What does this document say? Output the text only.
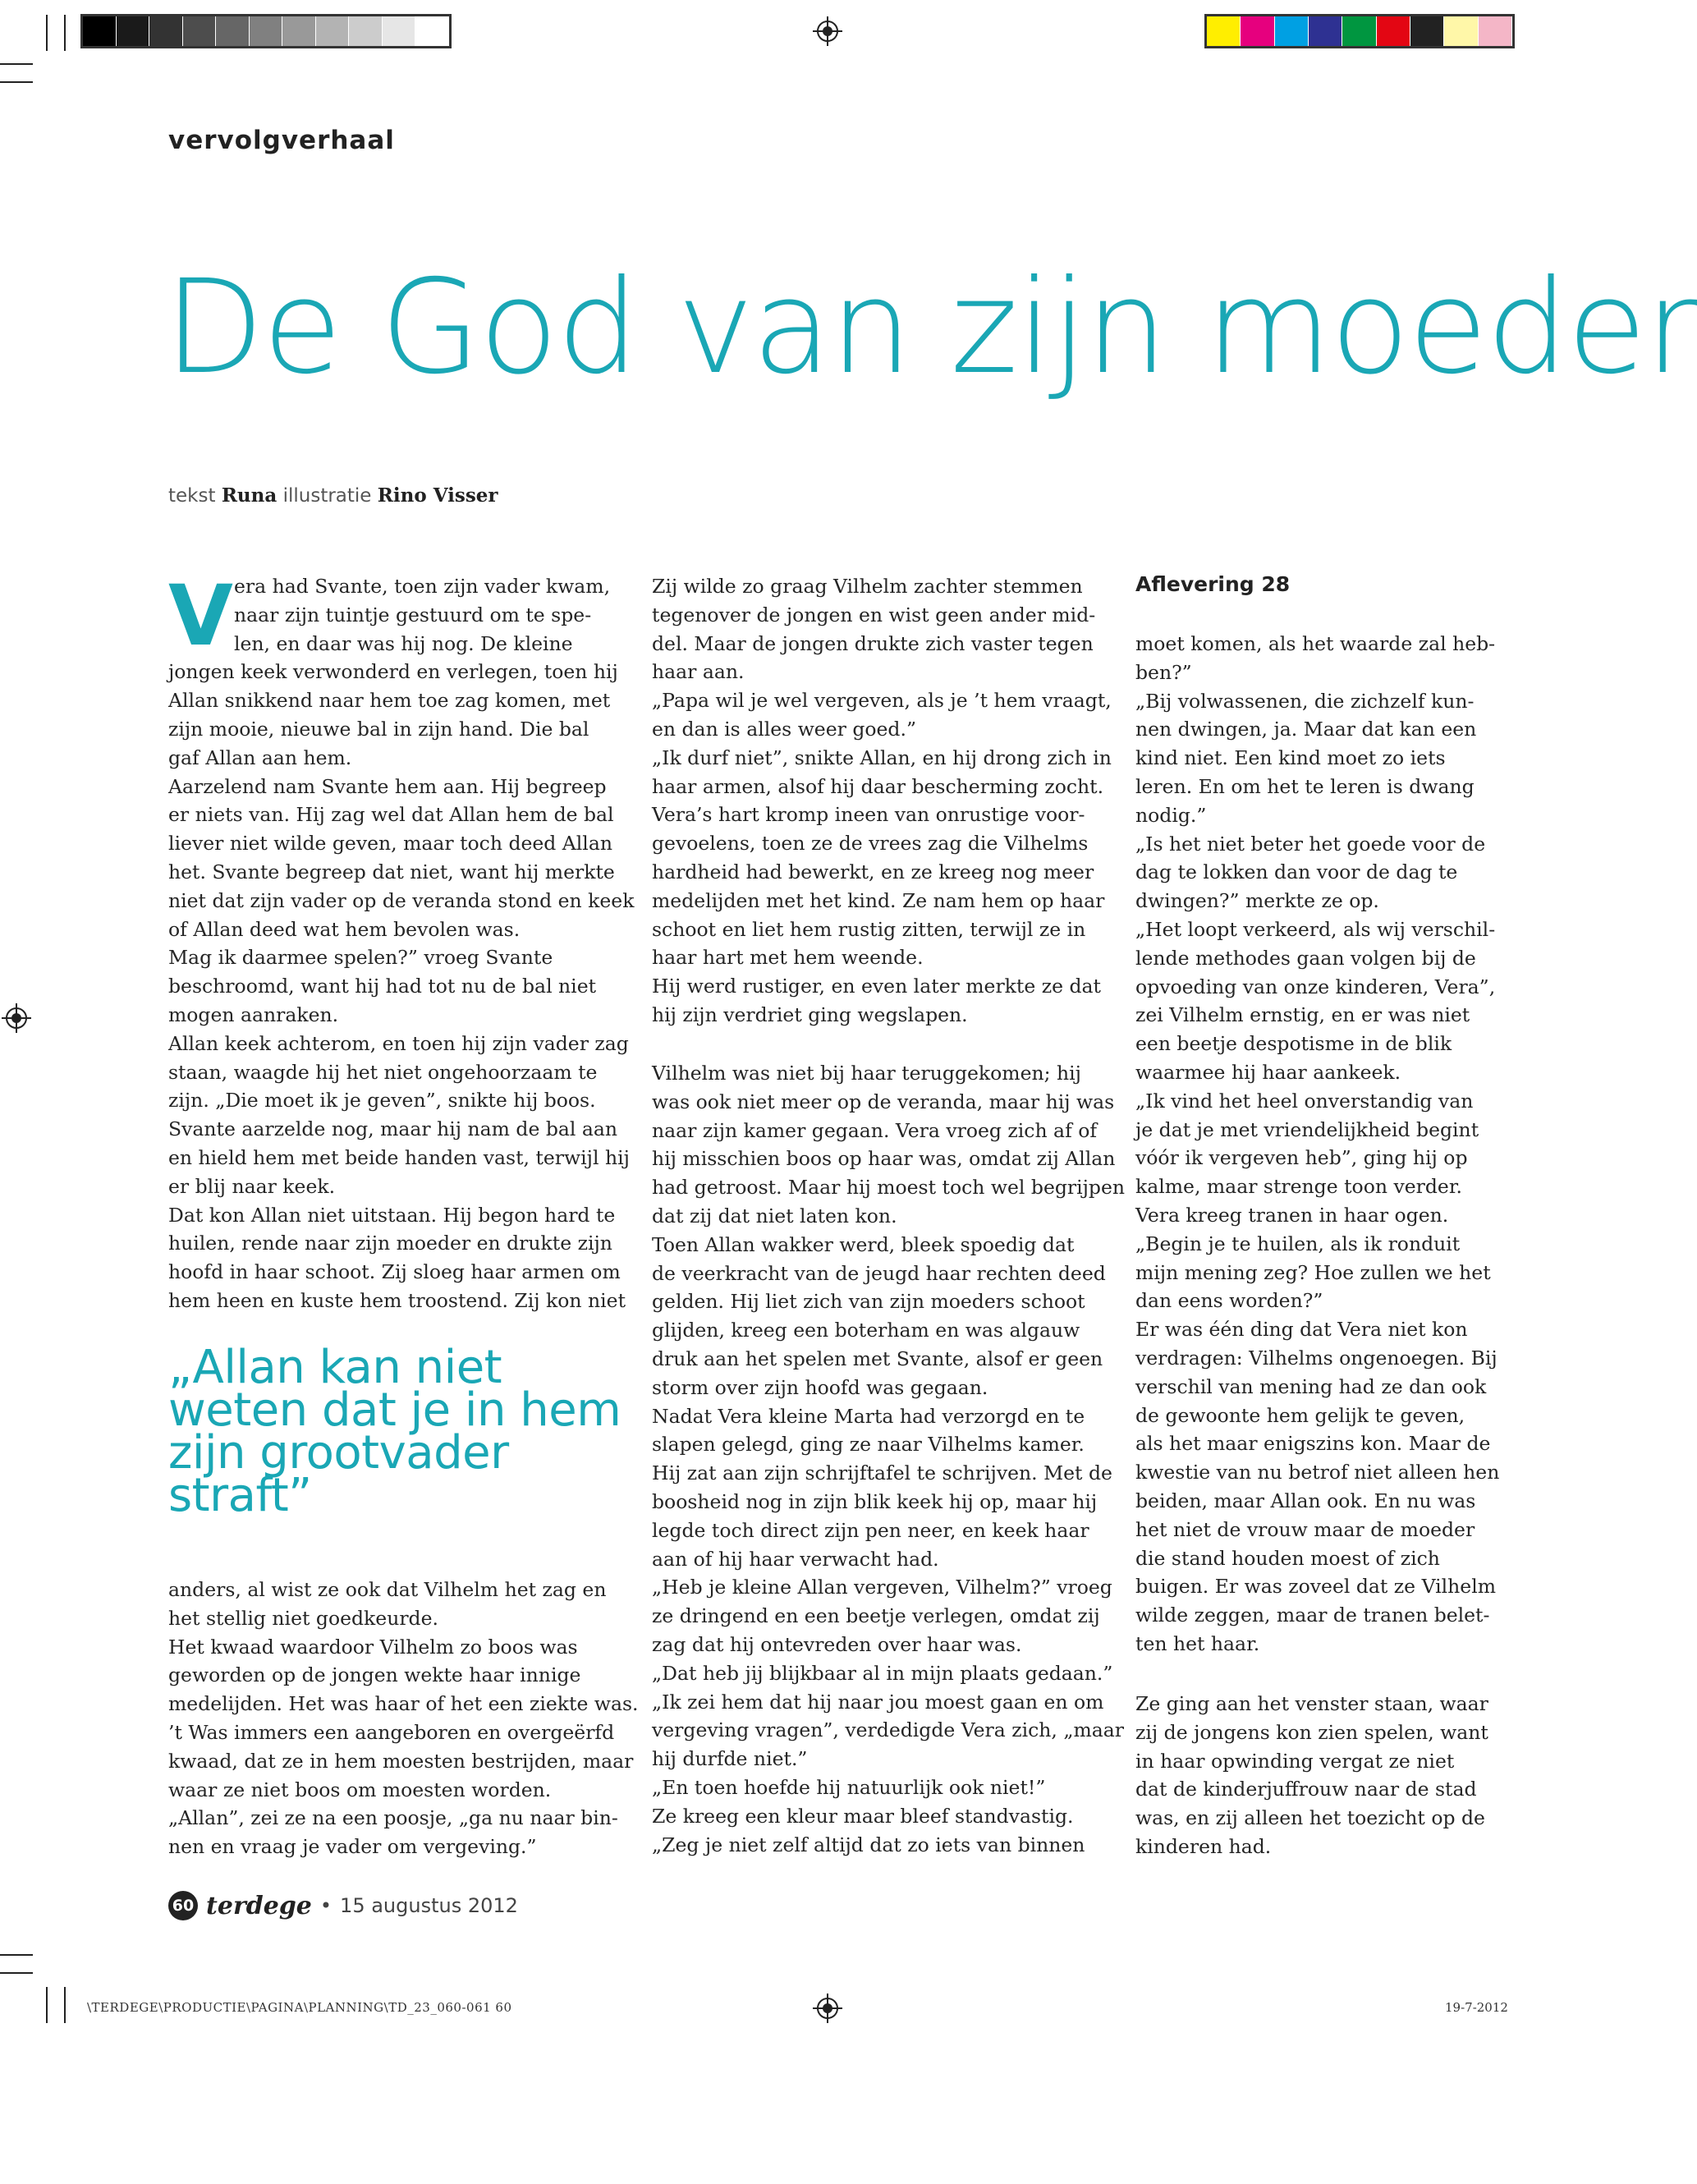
vervolgverhaal
De God van zijn moeder
tekst Runa illustratie Rino Visser
V era had Svante, toen zijn vader kwam,

naar zijn tuintje gestuurd om te spe-

len, en daar was hij nog. De kleine

jongen keek verwonderd en verlegen, toen hij

Allan snikkend naar hem toe zag komen, met

zijn mooie, nieuwe bal in zijn hand. Die bal

gaf Allan aan hem.

Aarzelend nam Svante hem aan. Hij begreep

er niets van. Hij zag wel dat Allan hem de bal

liever niet wilde geven, maar toch deed Allan

het. Svante begreep dat niet, want hij merkte

niet dat zijn vader op de veranda stond en keek

of Allan deed wat hem bevolen was.

Mag ik daarmee spelen?” vroeg Svante

beschroomd, want hij had tot nu de bal niet

mogen aanraken.

Allan keek achterom, en toen hij zijn vader zag

staan, waagde hij het niet ongehoorzaam te

zijn. „Die moet ik je geven”, snikte hij boos.

Svante aarzelde nog, maar hij nam de bal aan

en hield hem met beide handen vast, terwijl hij

er blij naar keek.

Dat kon Allan niet uitstaan. Hij begon hard te

huilen, rende naar zijn moeder en drukte zijn

hoofd in haar schoot. Zij sloeg haar armen om

hem heen en kuste hem troostend. Zij kon niet

„Allan kan niet

weten dat je in hem

zijn grootvader

straft”

anders, al wist ze ook dat Vilhelm het zag en

het stellig niet goedkeurde.

Het kwaad waardoor Vilhelm zo boos was

geworden op de jongen wekte haar innige

medelijden. Het was haar of het een ziekte was.

’t Was immers een aangeboren en overgeërfd

kwaad, dat ze in hem moesten bestrijden, maar

waar ze niet boos om moesten worden.

„Allan”, zei ze na een poosje, „ga nu naar bin-

nen en vraag je vader om vergeving.”

Zij wilde zo graag Vilhelm zachter stemmen

tegenover de jongen en wist geen ander mid-

del. Maar de jongen drukte zich vaster tegen

haar aan.

„Papa wil je wel vergeven, als je ’t hem vraagt,

en dan is alles weer goed.”

„Ik durf niet”, snikte Allan, en hij drong zich in

haar armen, alsof hij daar bescherming zocht.

Vera’s hart kromp ineen van onrustige voor-

gevoelens, toen ze de vrees zag die Vilhelms

hardheid had bewerkt, en ze kreeg nog meer

medelijden met het kind. Ze nam hem op haar

schoot en liet hem rustig zitten, terwijl ze in

haar hart met hem weende.

Hij werd rustiger, en even later merkte ze dat

hij zijn verdriet ging wegslapen.

Vilhelm was niet bij haar teruggekomen; hij

was ook niet meer op de veranda, maar hij was

naar zijn kamer gegaan. Vera vroeg zich af of

hij misschien boos op haar was, omdat zij Allan

had getroost. Maar hij moest toch wel begrijpen

dat zij dat niet laten kon.

Toen Allan wakker werd, bleek spoedig dat

de veerkracht van de jeugd haar rechten deed

gelden. Hij liet zich van zijn moeders schoot

glijden, kreeg een boterham en was algauw

druk aan het spelen met Svante, alsof er geen

storm over zijn hoofd was gegaan.

Nadat Vera kleine Marta had verzorgd en te

slapen gelegd, ging ze naar Vilhelms kamer.

Hij zat aan zijn schrijftafel te schrijven. Met de

boosheid nog in zijn blik keek hij op, maar hij

legde toch direct zijn pen neer, en keek haar

aan of hij haar verwacht had.

„Heb je kleine Allan vergeven, Vilhelm?” vroeg

ze dringend en een beetje verlegen, omdat zij

zag dat hij ontevreden over haar was.

„Dat heb jij blijkbaar al in mijn plaats gedaan.”

„Ik zei hem dat hij naar jou moest gaan en om

vergeving vragen”, verdedigde Vera zich, „maar

hij durfde niet.”

„En toen hoefde hij natuurlijk ook niet!”

Ze kreeg een kleur maar bleef standvastig.

„Zeg je niet zelf altijd dat zo iets van binnen

Aflevering 28

moet komen, als het waarde zal heb-

ben?”

„Bij volwassenen, die zichzelf kun-

nen dwingen, ja. Maar dat kan een

kind niet. Een kind moet zo iets

leren. En om het te leren is dwang

nodig.”

„Is het niet beter het goede voor de

dag te lokken dan voor de dag te

dwingen?” merkte ze op.

„Het loopt verkeerd, als wij verschil-

lende methodes gaan volgen bij de

opvoeding van onze kinderen, Vera”,

zei Vilhelm ernstig, en er was niet

een beetje despotisme in de blik

waarmee hij haar aankeek.

„Ik vind het heel onverstandig van

je dat je met vriendelijkheid begint

vóór ik vergeven heb”, ging hij op

kalme, maar strenge toon verder.

Vera kreeg tranen in haar ogen.

„Begin je te huilen, als ik ronduit

mijn mening zeg? Hoe zullen we het

dan eens worden?”

Er was één ding dat Vera niet kon

verdragen: Vilhelms ongenoegen. Bij

verschil van mening had ze dan ook

de gewoonte hem gelijk te geven,

als het maar enigszins kon. Maar de

kwestie van nu betrof niet alleen hen

beiden, maar Allan ook. En nu was

het niet de vrouw maar de moeder

die stand houden moest of zich

buigen. Er was zoveel dat ze Vilhelm

wilde zeggen, maar de tranen belet-

ten het haar.

Ze ging aan het venster staan, waar

zij de jongens kon zien spelen, want

in haar opwinding vergat ze niet

dat de kinderjuffrouw naar de stad

was, en zij alleen het toezicht op de

kinderen had.

60 terdege • 15 augustus 2012
\TERDEGE\PRODUCTIE\PAGINA\PLANNING\TD_23_060-061 60	19-7-2012
